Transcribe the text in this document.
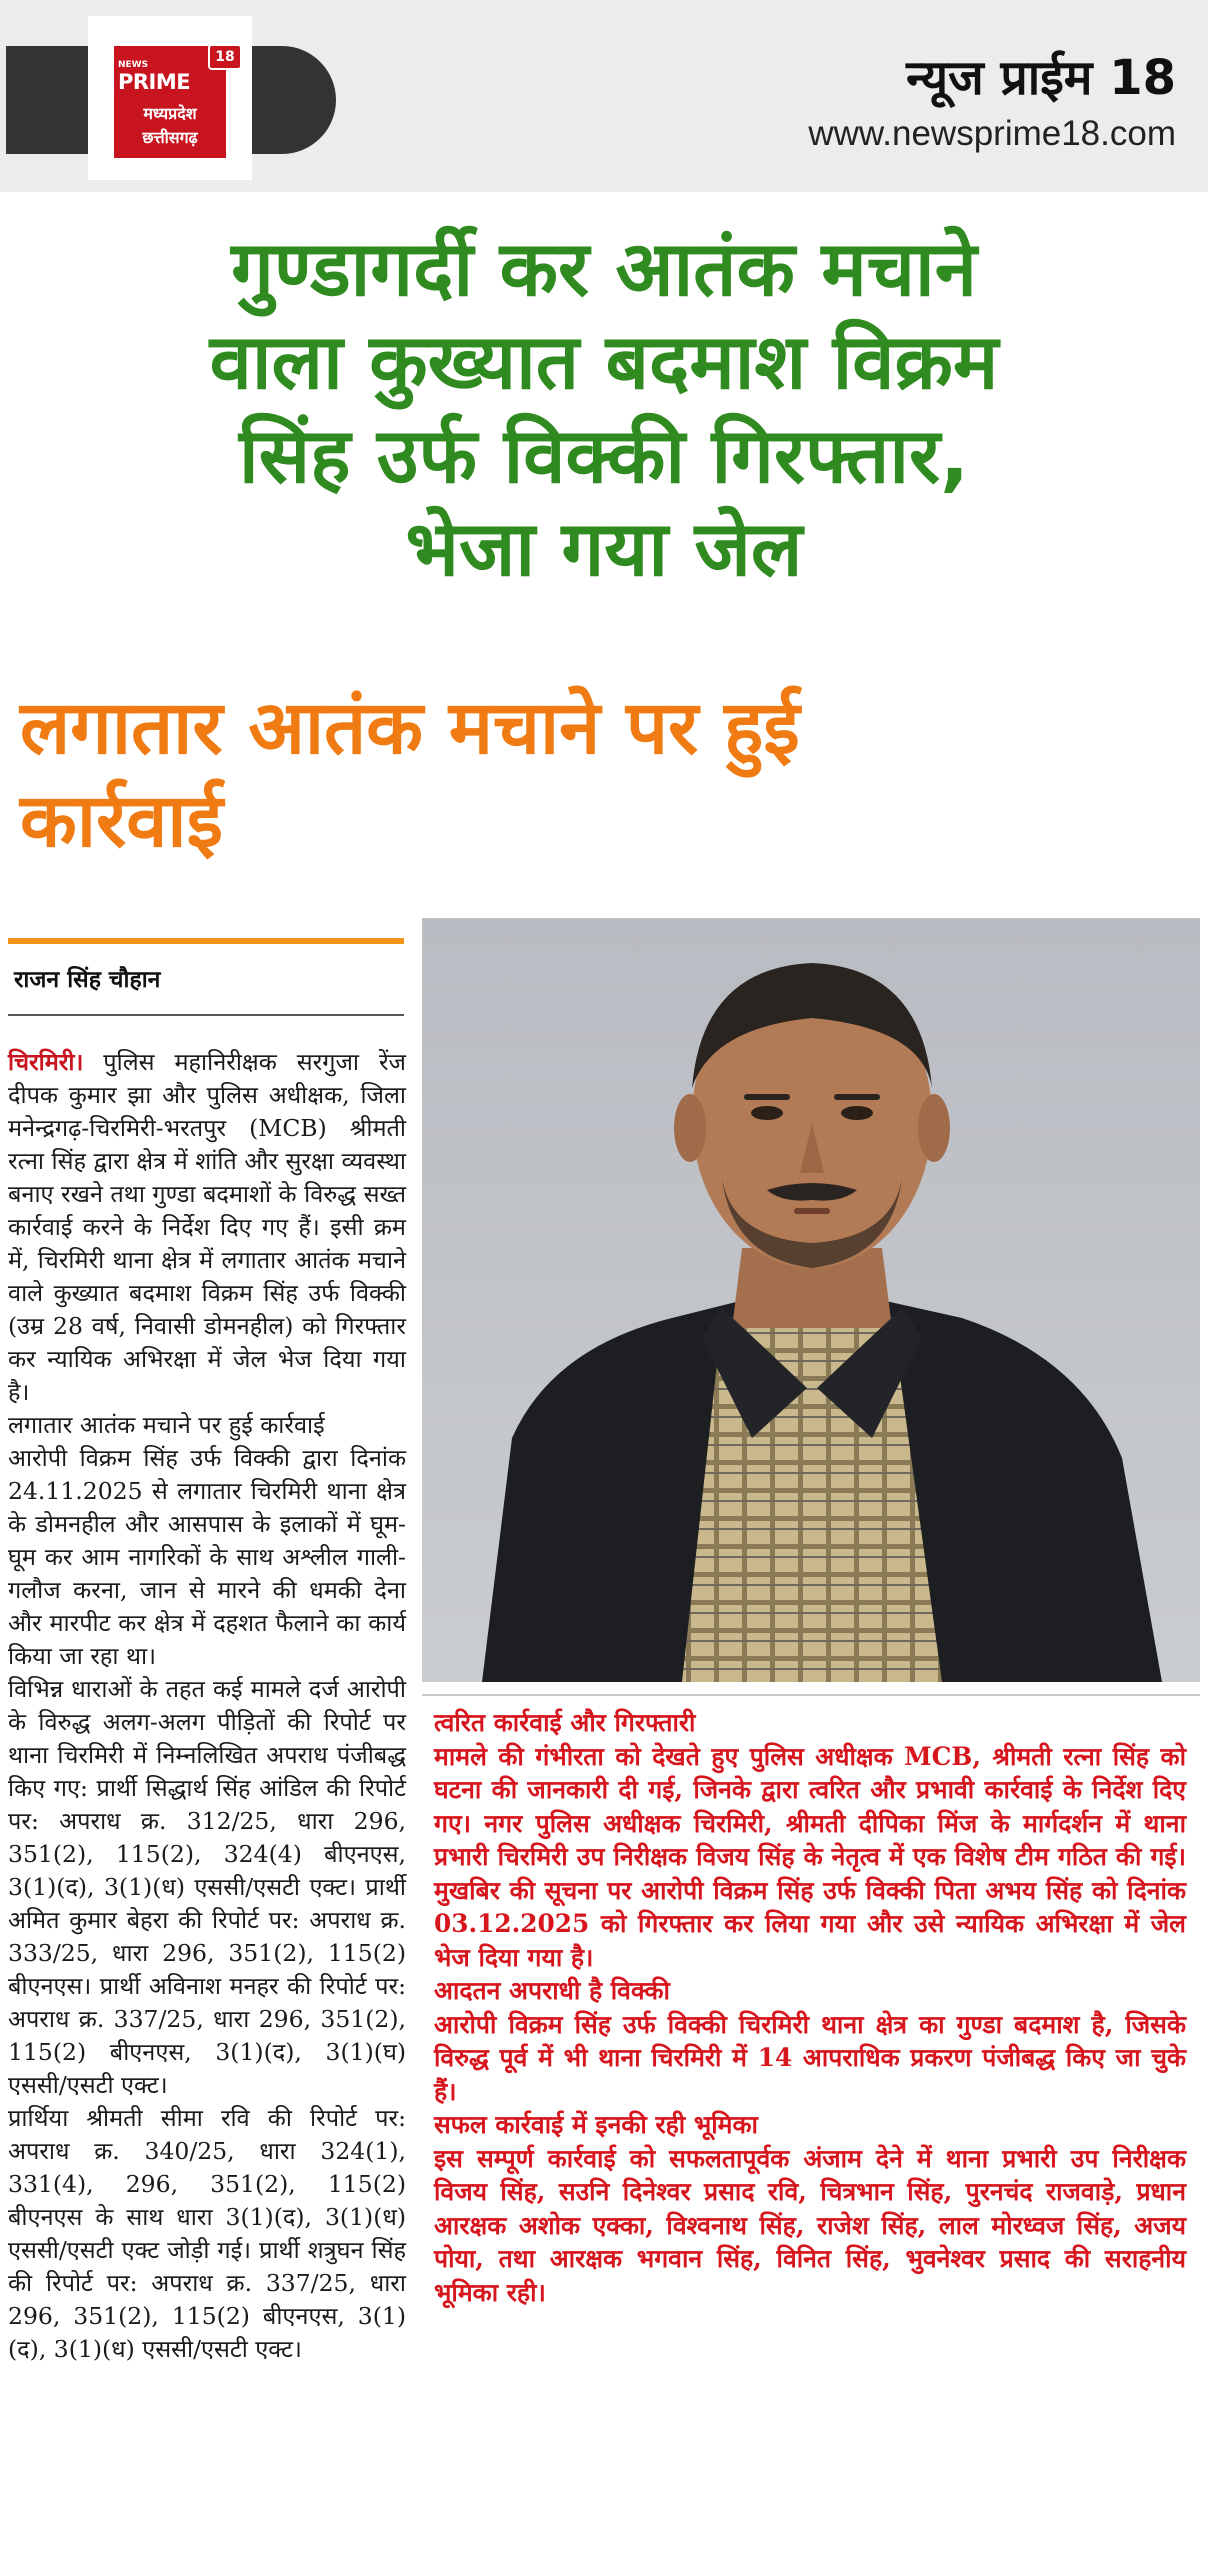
NEWS
PRIME
18
मध्यप्रदेश
छत्तीसगढ़
न्यूज प्राईम 18
www.newsprime18.com
गुण्डागर्दी कर आतंक मचाने
वाला कुख्यात बदमाश विक्रम
सिंह उर्फ विक्की गिरफ्तार,
भेजा गया जेल
लगातार आतंक मचाने पर हुई
कार्रवाई
राजन सिंह चौहान

चिरमिरी। पुलिस महानिरीक्षक सरगुजा रेंज दीपक कुमार झा और पुलिस अधीक्षक, जिला मनेन्द्रगढ़-चिरमिरी-भरतपुर (MCB) श्रीमती रत्ना सिंह द्वारा क्षेत्र में शांति और सुरक्षा व्यवस्था बनाए रखने तथा गुण्डा बदमाशों के विरुद्ध सख्त कार्रवाई करने के निर्देश दिए गए हैं। इसी क्रम में, चिरमिरी थाना क्षेत्र में लगातार आतंक मचाने वाले कुख्यात बदमाश विक्रम सिंह उर्फ विक्की (उम्र 28 वर्ष, निवासी डोमनहील) को गिरफ्तार कर न्यायिक अभिरक्षा में जेल भेज दिया गया है।

लगातार आतंक मचाने पर हुई कार्रवाई

आरोपी विक्रम सिंह उर्फ विक्की द्वारा दिनांक 24.11.2025 से लगातार चिरमिरी थाना क्षेत्र के डोमनहील और आसपास के इलाकों में घूम-घूम कर आम नागरिकों के साथ अश्लील गाली-गलौज करना, जान से मारने की धमकी देना और मारपीट कर क्षेत्र में दहशत फैलाने का कार्य किया जा रहा था।

विभिन्न धाराओं के तहत कई मामले दर्ज आरोपी के विरुद्ध अलग-अलग पीड़ितों की रिपोर्ट पर थाना चिरमिरी में निम्नलिखित अपराध पंजीबद्ध किए गए: प्रार्थी सिद्धार्थ सिंह आंडिल की रिपोर्ट पर: अपराध क्र. 312/25, धारा 296, 351(2), 115(2), 324(4) बीएनएस, 3(1)(द), 3(1)(ध) एससी/एसटी एक्ट। प्रार्थी अमित कुमार बेहरा की रिपोर्ट पर: अपराध क्र. 333/25, धारा 296, 351(2), 115(2) बीएनएस। प्रार्थी अविनाश मनहर की रिपोर्ट पर: अपराध क्र. 337/25, धारा 296, 351(2), 115(2) बीएनएस, 3(1)(द), 3(1)(घ) एससी/एसटी एक्ट।

प्रार्थिया श्रीमती सीमा रवि की रिपोर्ट पर: अपराध क्र. 340/25, धारा 324(1), 331(4), 296, 351(2), 115(2) बीएनएस के साथ धारा 3(1)(द), 3(1)(ध) एससी/एसटी एक्ट जोड़ी गई। प्रार्थी शत्रुघन सिंह की रिपोर्ट पर: अपराध क्र. 337/25, धारा 296, 351(2), 115(2) बीएनएस, 3(1)(द), 3(1)(ध) एससी/एसटी एक्ट।

त्वरित कार्रवाई और गिरफ्तारी

मामले की गंभीरता को देखते हुए पुलिस अधीक्षक MCB, श्रीमती रत्ना सिंह को घटना की जानकारी दी गई, जिनके द्वारा त्वरित और प्रभावी कार्रवाई के निर्देश दिए गए। नगर पुलिस अधीक्षक चिरमिरी, श्रीमती दीपिका मिंज के मार्गदर्शन में थाना प्रभारी चिरमिरी उप निरीक्षक विजय सिंह के नेतृत्व में एक विशेष टीम गठित की गई। मुखबिर की सूचना पर आरोपी विक्रम सिंह उर्फ विक्की पिता अभय सिंह को दिनांक 03.12.2025 को गिरफ्तार कर लिया गया और उसे न्यायिक अभिरक्षा में जेल भेज दिया गया है।

आदतन अपराधी है विक्की

आरोपी विक्रम सिंह उर्फ विक्की चिरमिरी थाना क्षेत्र का गुण्डा बदमाश है, जिसके विरुद्ध पूर्व में भी थाना चिरमिरी में 14 आपराधिक प्रकरण पंजीबद्ध किए जा चुके हैं।

सफल कार्रवाई में इनकी रही भूमिका

इस सम्पूर्ण कार्रवाई को सफलतापूर्वक अंजाम देने में थाना प्रभारी उप निरीक्षक विजय सिंह, सउनि दिनेश्वर प्रसाद रवि, चित्रभान सिंह, पुरनचंद राजवाड़े, प्रधान आरक्षक अशोक एक्का, विश्वनाथ सिंह, राजेश सिंह, लाल मोरध्वज सिंह, अजय पोया, तथा आरक्षक भगवान सिंह, विनित सिंह, भुवनेश्वर प्रसाद की सराहनीय भूमिका रही।
